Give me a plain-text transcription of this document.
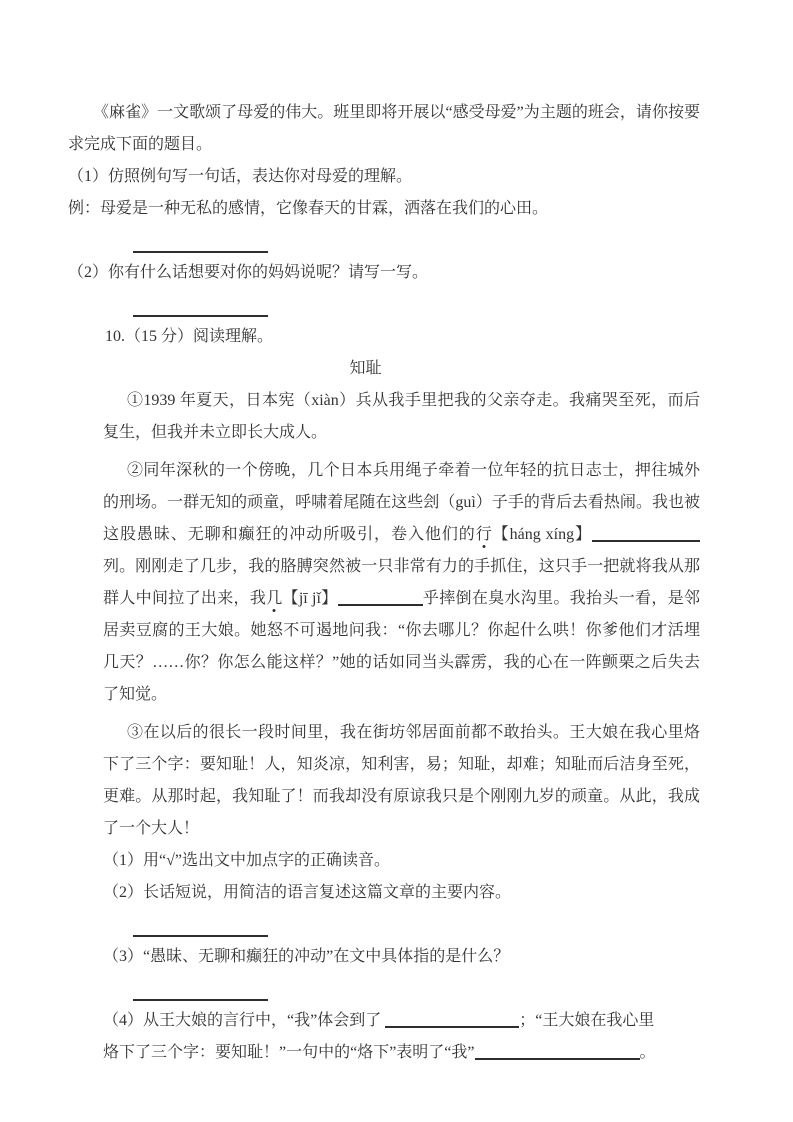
《麻雀》一文歌颂了母爱的伟大。班里即将开展以“感受母爱”为主题的班会，请你按要求完成下面的题目。

（1）仿照例句写一句话，表达你对母爱的理解。

例：母爱是一种无私的感情，它像春天的甘霖，洒落在我们的心田。

（2）你有什么话想要对你的妈妈说呢？请写一写。

10.（15 分）阅读理解。

知耻

①1939 年夏天，日本宪（xiàn）兵从我手里把我的父亲夺走。我痛哭至死，而后复生，但我并未立即长大成人。

②同年深秋的一个傍晚，几个日本兵用绳子牵着一位年轻的抗日志士，押往城外的刑场。一群无知的顽童，呼啸着尾随在这些刽（guì）子手的背后去看热闹。我也被这股愚昧、无聊和癫狂的冲动所吸引，卷入他们的行【háng xíng】列。刚刚走了几步，我的胳膊突然被一只非常有力的手抓住，这只手一把就将我从那群人中间拉了出来，我几【jī jǐ】	乎摔倒在臭水沟里。我抬头一看，是邻居卖豆腐的王大娘。她怒不可遏地问我：“你去哪儿？你起什么哄！你爹他们才活埋几天？……你？你怎么能这样？”她的话如同当头霹雳，我的心在一阵颤栗之后失去了知觉。

③在以后的很长一段时间里，我在街坊邻居面前都不敢抬头。王大娘在我心里烙下了三个字：要知耻！人，知炎凉，知利害，易；知耻，却难；知耻而后洁身至死，更难。从那时起，我知耻了！而我却没有原谅我只是个刚刚九岁的顽童。从此，我成了一个大人！

（1）用“√”选出文中加点字的正确读音。

（2）长话短说，用简洁的语言复述这篇文章的主要内容。

（3）“愚昧、无聊和癫狂的冲动”在文中具体指的是什么？

（4）从王大娘的言行中，“我”体会到了	；“王大娘在我心里
烙下了三个字：要知耻！”一句中的“烙下”表明了“我”	。
